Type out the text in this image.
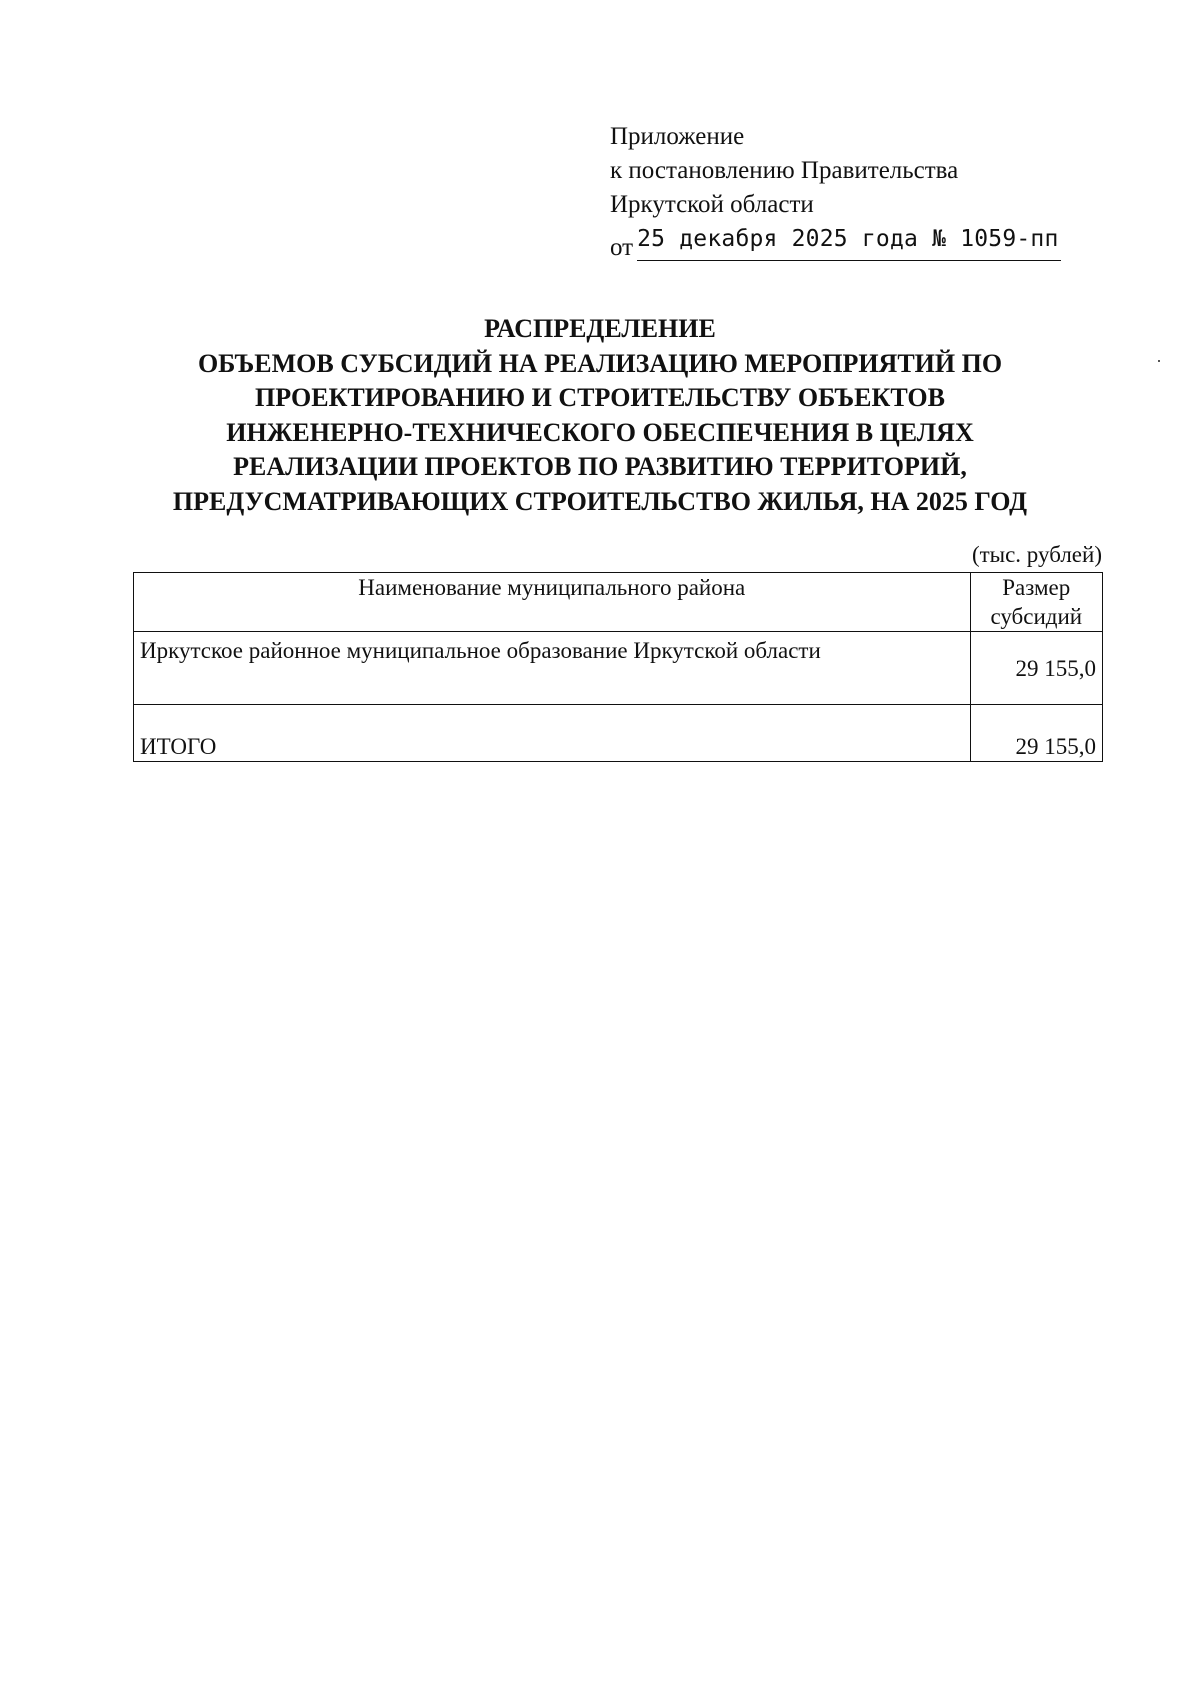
Приложение
к постановлению Правительства
Иркутской области
от 25 декабря 2025 года № 1059-пп
РАСПРЕДЕЛЕНИЕ
ОБЪЕМОВ СУБСИДИЙ НА РЕАЛИЗАЦИЮ МЕРОПРИЯТИЙ ПО
ПРОЕКТИРОВАНИЮ И СТРОИТЕЛЬСТВУ ОБЪЕКТОВ
ИНЖЕНЕРНО-ТЕХНИЧЕСКОГО ОБЕСПЕЧЕНИЯ В ЦЕЛЯХ
РЕАЛИЗАЦИИ ПРОЕКТОВ ПО РАЗВИТИЮ ТЕРРИТОРИЙ,
ПРЕДУСМАТРИВАЮЩИХ СТРОИТЕЛЬСТВО ЖИЛЬЯ, НА 2025 ГОД
(тыс. рублей)
Наименование муниципального района	Размер
субсидий
Иркутское районное муниципальное образование Иркутской области	29 155,0
ИТОГО	29 155,0
